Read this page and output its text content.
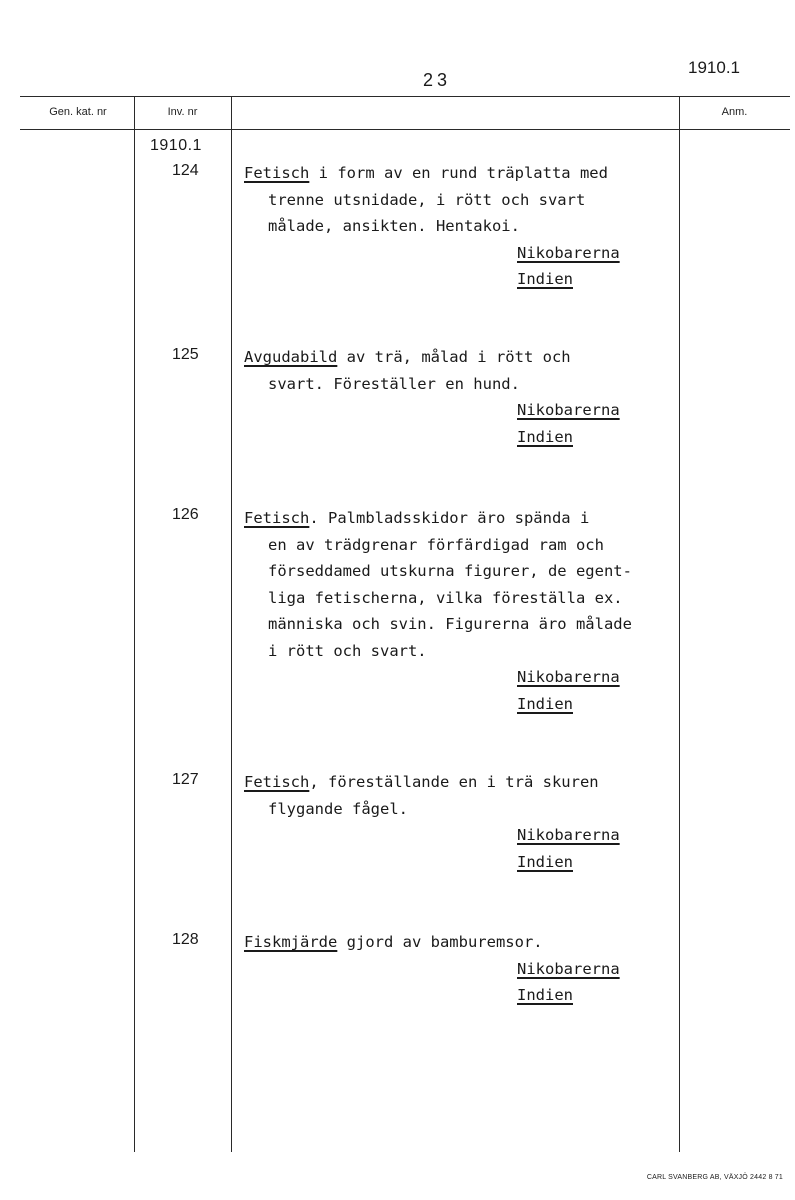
23
1910.1
Gen. kat. nr	Inv. nr	Anm.
1910.1
124	Fetisch i form av en rund träplatta med
trenne utsnidade, i rött och svart
målade, ansikten. Hentakoi.
Nikobarerna
Indien
125	Avgudabild av trä, målad i rött och
svart. Föreställer en hund.
Nikobarerna
Indien
126	Fetisch. Palmbladsskidor äro spända i
en av trädgrenar förfärdigad ram och
förseddamed utskurna figurer, de egent-
liga fetischerna, vilka föreställa ex.
människa och svin. Figurerna äro målade
i rött och svart.
Nikobarerna
Indien
127	Fetisch, föreställande en i trä skuren
flygande fågel.
Nikobarerna
Indien
128	Fiskmjärde gjord av bamburemsor.
Nikobarerna
Indien
CARL SVANBERG AB, VÄXJÖ 2442 8 71
